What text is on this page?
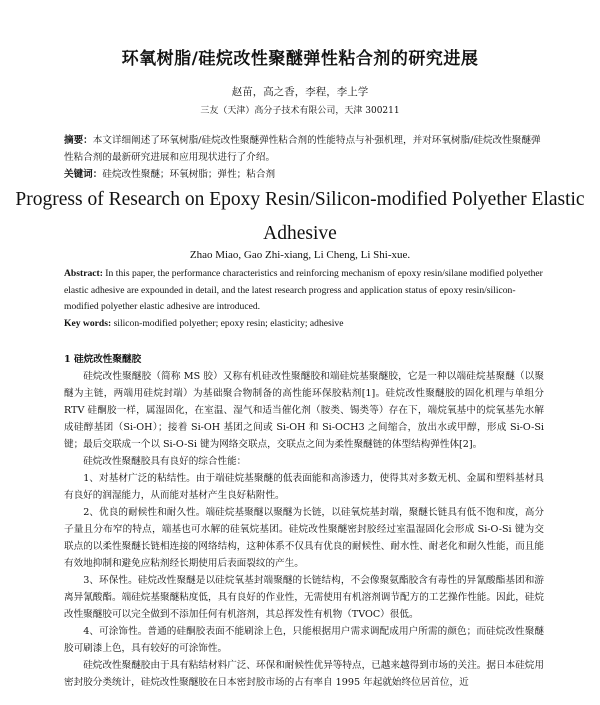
环氧树脂/硅烷改性聚醚弹性粘合剂的研究进展
赵苗，高之香，李程，李上学
三友（天津）高分子技术有限公司，天津 300211
摘要：本文详细阐述了环氧树脂/硅烷改性聚醚弹性粘合剂的性能特点与补强机理，并对环氧树脂/硅烷改性聚醚弹性粘合剂的最新研究进展和应用现状进行了介绍。
关键词：硅烷改性聚醚；环氧树脂；弹性；粘合剂
Progress of Research on Epoxy Resin/Silicon-modified Polyether Elastic Adhesive
Zhao Miao, Gao Zhi-xiang, Li Cheng, Li Shi-xue.
Abstract: In this paper, the performance characteristics and reinforcing mechanism of epoxy resin/silane modified polyether elastic adhesive are expounded in detail, and the latest research progress and application status of epoxy resin/silicon-modified polyether elastic adhesive are introduced.
Key words: silicon-modified polyether; epoxy resin; elasticity; adhesive
1 硅烷改性聚醚胶

硅烷改性聚醚胶（简称 MS 胶）又称有机硅改性聚醚胶和端硅烷基聚醚胶，它是一种以端硅烷基聚醚（以聚醚为主链，两端用硅烷封端）为基础聚合物制备的高性能环保胶粘剂[1]。硅烷改性聚醚胶的固化机理与单组分 RTV 硅酮胶一样，属湿固化，在室温、湿气和适当催化剂（胺类、锡类等）存在下，端烷氧基中的烷氧基先水解成硅醇基团（Si-OH）；接着 Si-OH 基团之间或 Si-OH 和 Si-OCH3 之间缩合，放出水或甲醇，形成 Si-O-Si 键；最后交联成一个以 Si-O-Si 键为网络交联点，交联点之间为柔性聚醚链的体型结构弹性体[2]。

硅烷改性聚醚胶具有良好的综合性能：

1、对基材广泛的粘结性。由于端硅烷基聚醚的低表面能和高渗透力，使得其对多数无机、金属和塑料基材具有良好的润湿能力，从而能对基材产生良好粘附性。

2、优良的耐候性和耐久性。端硅烷基聚醚以聚醚为长链，以硅氧烷基封端，聚醚长链具有低不饱和度，高分子量且分布窄的特点，端基也可水解的硅氧烷基团。硅烷改性聚醚密封胶经过室温湿固化会形成 Si-O-Si 键为交联点的以柔性聚醚长链相连接的网络结构，这种体系不仅具有优良的耐候性、耐水性、耐老化和耐久性能，而且能有效地抑制和避免应粘剂经长期使用后表面裂纹的产生。

3、环保性。硅烷改性聚醚是以硅烷氧基封端聚醚的长链结构，不会像聚氨酯胶含有毒性的异氰酸酯基团和游离异氰酸酯。端硅烷基聚醚粘度低，具有良好的作业性，无需使用有机溶剂调节配方的工艺操作性能。因此，硅烷改性聚醚胶可以完全做到不添加任何有机溶剂，其总挥发性有机物（TVOC）很低。

4、可涂饰性。普通的硅酮胶表面不能刷涂上色，只能根据用户需求调配成用户所需的颜色；而硅烷改性聚醚胶可刷漆上色，具有较好的可涂饰性。

硅烷改性聚醚胶由于具有粘结材料广泛、环保和耐候性优异等特点，已越来越得到市场的关注。据日本硅烷用密封胶分类统计，硅烷改性聚醚胶在日本密封胶市场的占有率自 1995 年起就始终位居首位，近
